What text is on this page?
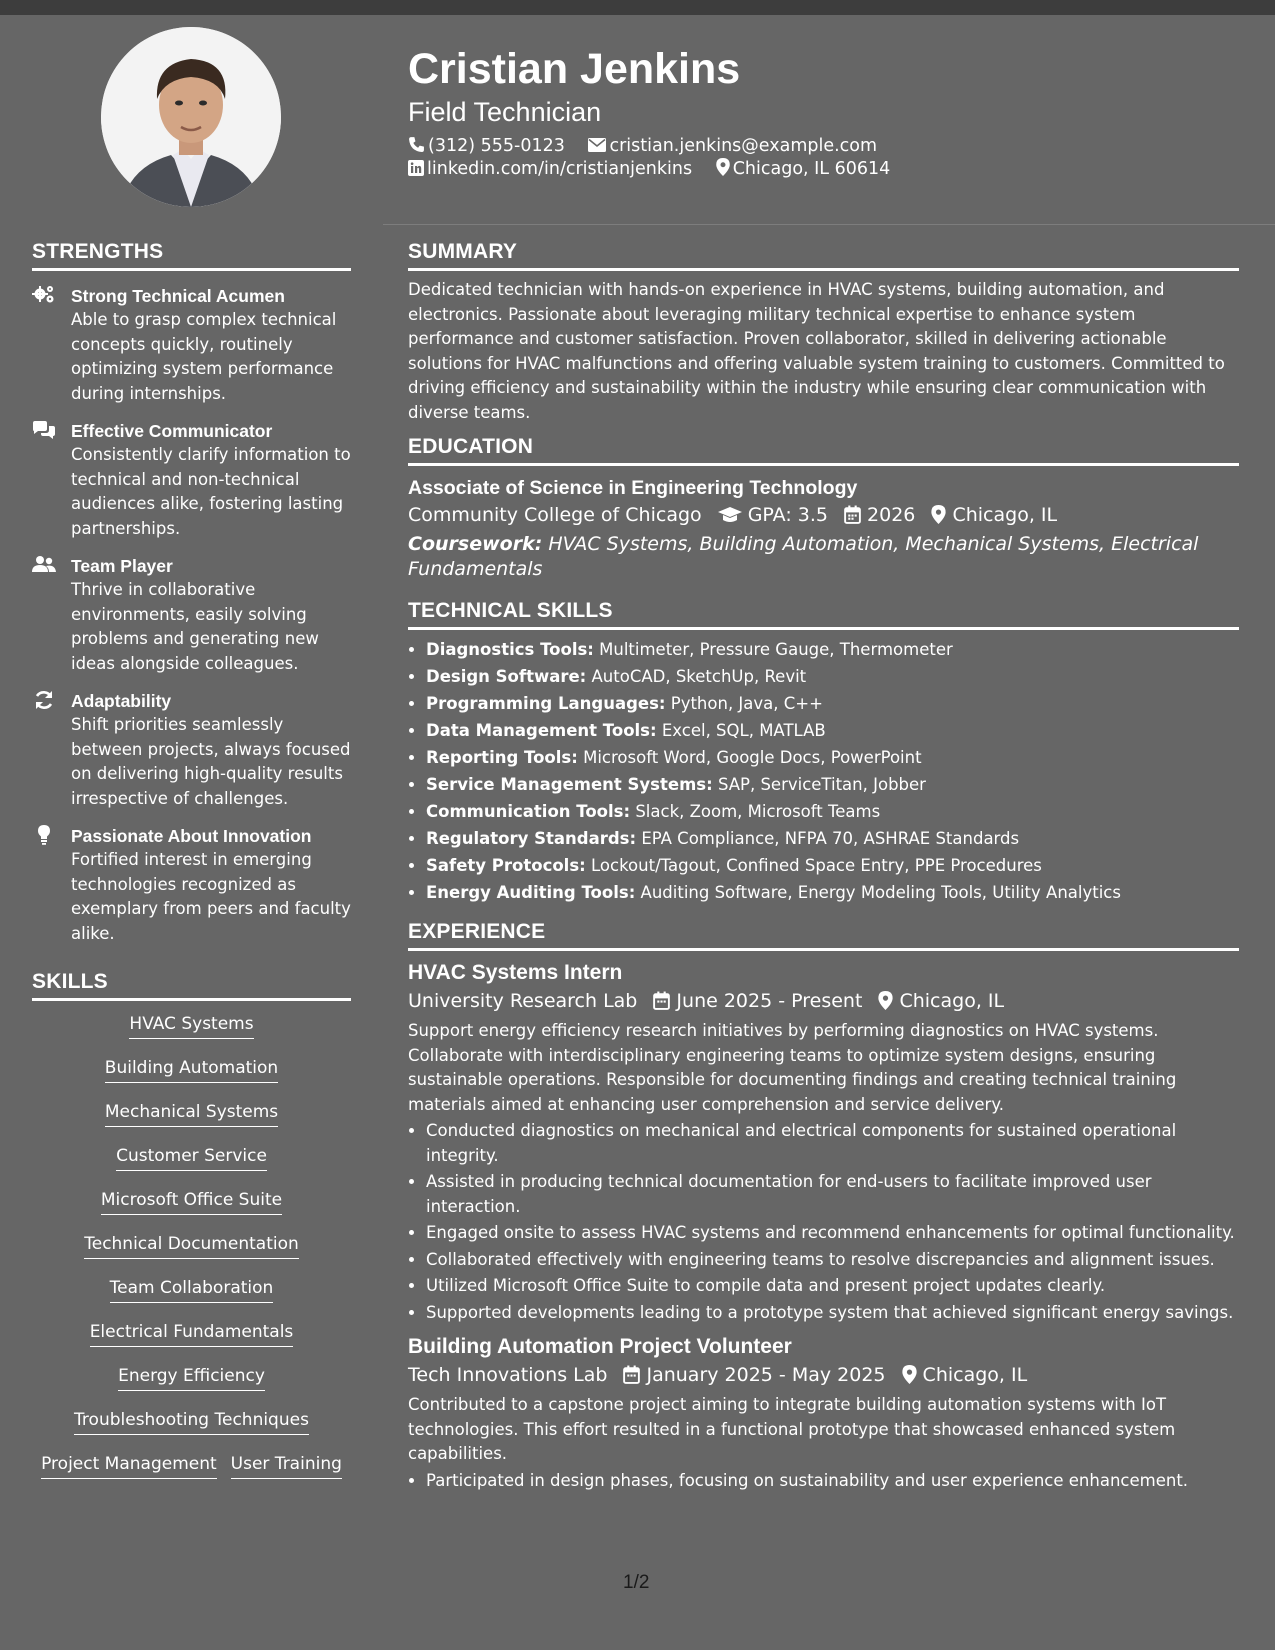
Cristian Jenkins
Field Technician
(312) 555-0123	cristian.jenkins@example.com
linkedin.com/in/cristianjenkins Chicago, IL 60614
STRENGTHS
Strong Technical Acumen
Able to grasp complex technical concepts quickly, routinely optimizing system performance during internships.
Effective Communicator
Consistently clarify information to technical and non-technical audiences alike, fostering lasting partnerships.
Team Player
Thrive in collaborative environments, easily solving problems and generating new ideas alongside colleagues.
Adaptability
Shift priorities seamlessly between projects, always focused on delivering high-quality results irrespective of challenges.
Passionate About Innovation
Fortified interest in emerging technologies recognized as exemplary from peers and faculty alike.
SKILLS
HVAC Systems
Building Automation
Mechanical Systems
Customer Service
Microsoft Office Suite
Technical Documentation
Team Collaboration
Electrical Fundamentals
Energy Efficiency
Troubleshooting Techniques
Project Management User Training
SUMMARY
Dedicated technician with hands-on experience in HVAC systems, building automation, and electronics. Passionate about leveraging military technical expertise to enhance system performance and customer satisfaction. Proven collaborator, skilled in delivering actionable solutions for HVAC malfunctions and offering valuable system training to customers. Committed to driving efficiency and sustainability within the industry while ensuring clear communication with diverse teams.
EDUCATION
Associate of Science in Engineering Technology
Community College of Chicago GPA: 3.5 2026 Chicago, IL
Coursework: HVAC Systems, Building Automation, Mechanical Systems, Electrical Fundamentals
TECHNICAL SKILLS
• Diagnostics Tools: Multimeter, Pressure Gauge, Thermometer
• Design Software: AutoCAD, SketchUp, Revit
• Programming Languages: Python, Java, C++
• Data Management Tools: Excel, SQL, MATLAB
• Reporting Tools: Microsoft Word, Google Docs, PowerPoint
• Service Management Systems: SAP, ServiceTitan, Jobber
• Communication Tools: Slack, Zoom, Microsoft Teams
• Regulatory Standards: EPA Compliance, NFPA 70, ASHRAE Standards
• Safety Protocols: Lockout/Tagout, Confined Space Entry, PPE Procedures
• Energy Auditing Tools: Auditing Software, Energy Modeling Tools, Utility Analytics
EXPERIENCE
HVAC Systems Intern
University Research Lab June 2025 - Present Chicago, IL
Support energy efficiency research initiatives by performing diagnostics on HVAC systems. Collaborate with interdisciplinary engineering teams to optimize system designs, ensuring sustainable operations. Responsible for documenting findings and creating technical training materials aimed at enhancing user comprehension and service delivery.
• Conducted diagnostics on mechanical and electrical components for sustained operational integrity.
• Assisted in producing technical documentation for end-users to facilitate improved user interaction.
• Engaged onsite to assess HVAC systems and recommend enhancements for optimal functionality.
• Collaborated effectively with engineering teams to resolve discrepancies and alignment issues.
• Utilized Microsoft Office Suite to compile data and present project updates clearly.
• Supported developments leading to a prototype system that achieved significant energy savings.
Building Automation Project Volunteer
Tech Innovations Lab January 2025 - May 2025 Chicago, IL
Contributed to a capstone project aiming to integrate building automation systems with IoT technologies. This effort resulted in a functional prototype that showcased enhanced system capabilities.
• Participated in design phases, focusing on sustainability and user experience enhancement.
1/2
